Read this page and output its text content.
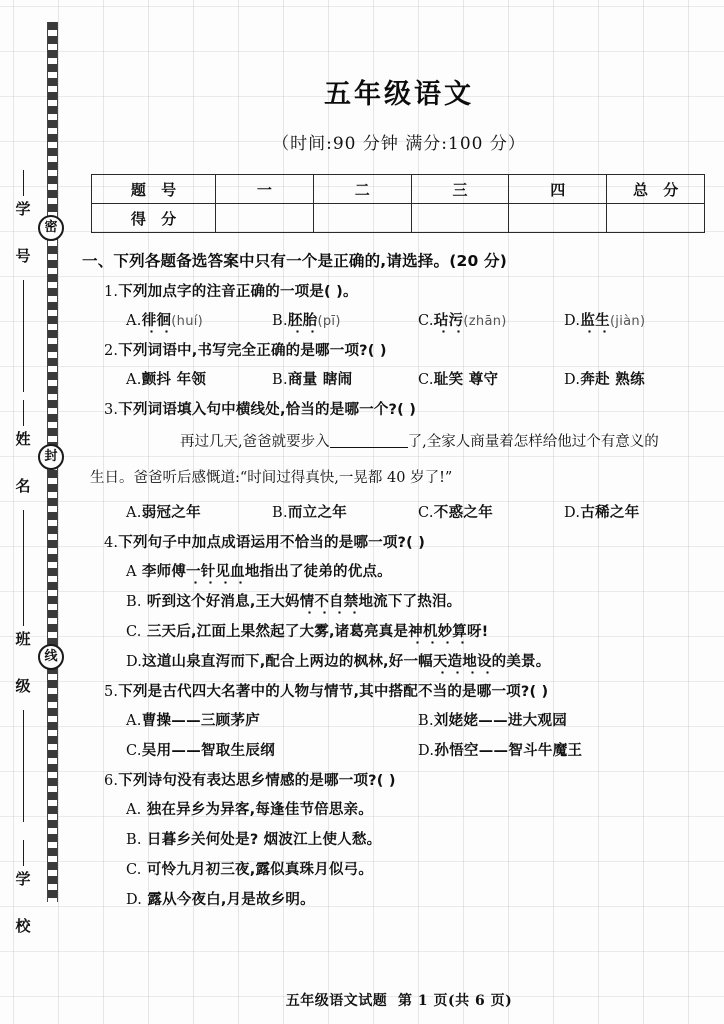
学 号 密
姓 名 封
班 级 线
学 校
五年级语文
（时间:90 分钟 满分:100 分）
题 号	一	二	三	四	总 分
得 分					
一、下列各题备选答案中只有一个是正确的,请选择。(20 分)
1.下列加点字的注音正确的一项是( )。
A.徘徊(huí)	B.胚胎(pī)	C.玷污(zhān)	D.监生(jiàn)
2.下列词语中,书写完全正确的是哪一项?( )
A.颤抖 年领	B.商量 瞎闹	C.耻笑 尊守	D.奔赴 熟练
3.下列词语填入句中横线处,恰当的是哪一个?( )
再过几天,爸爸就要步入	了,全家人商量着怎样给他过个有意义的
生日。爸爸听后感慨道:“时间过得真快,一晃都 40 岁了!”
A.弱冠之年	B.而立之年	C.不惑之年	D.古稀之年
4.下列句子中加点成语运用不恰当的是哪一项?( )
A 李师傅一针见血地指出了徒弟的优点。
B. 听到这个好消息,王大妈情不自禁地流下了热泪。
C. 三天后,江面上果然起了大雾,诸葛亮真是神机妙算呀!
D.这道山泉直泻而下,配合上两边的枫林,好一幅天造地设的美景。
5.下列是古代四大名著中的人物与情节,其中搭配不当的是哪一项?( )
A.曹操——三顾茅庐	B.刘姥姥——进大观园
C.吴用——智取生辰纲	D.孙悟空——智斗牛魔王
6.下列诗句没有表达思乡情感的是哪一项?( )
A. 独在异乡为异客,每逢佳节倍思亲。
B. 日暮乡关何处是? 烟波江上使人愁。
C. 可怜九月初三夜,露似真珠月似弓。
D. 露从今夜白,月是故乡明。
五年级语文试题 第 1 页(共 6 页)
